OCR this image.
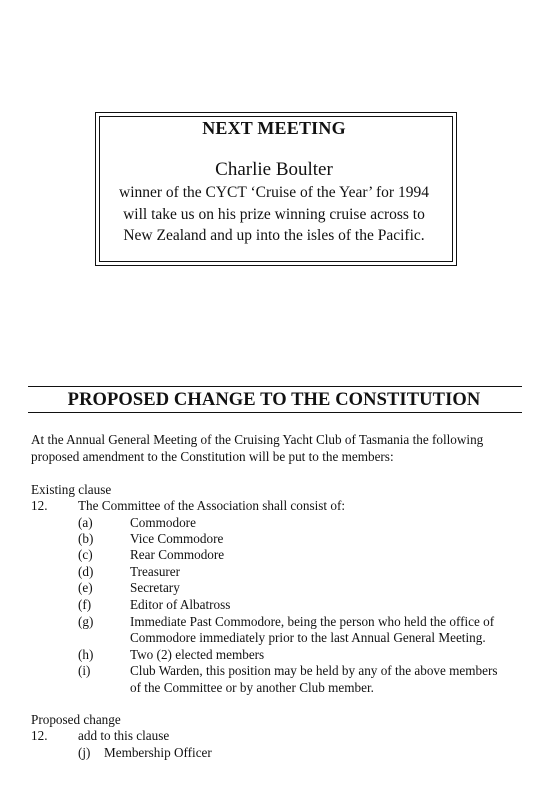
NEXT MEETING
Charlie Boulter
winner of the CYCT ‘Cruise of the Year’ for 1994
will take us on his prize winning cruise across to
New Zealand and up into the isles of the Pacific.
PROPOSED CHANGE TO THE CONSTITUTION
At the Annual General Meeting of the Cruising Yacht Club of Tasmania the following
proposed amendment to the Constitution will be put to the members:
Existing clause
12. The Committee of the Association shall consist of:
(a)	Commodore
(b)	Vice Commodore
(c)	Rear Commodore
(d)	Treasurer
(e)	Secretary
(f)	Editor of Albatross
(g)	Immediate Past Commodore, being the person who held the office of
Commodore immediately prior to the last Annual General Meeting.
(h)	Two (2) elected members
(i)	Club Warden, this position may be held by any of the above members
of the Committee or by another Club member.
Proposed change
12. add to this clause
(j) Membership Officer
